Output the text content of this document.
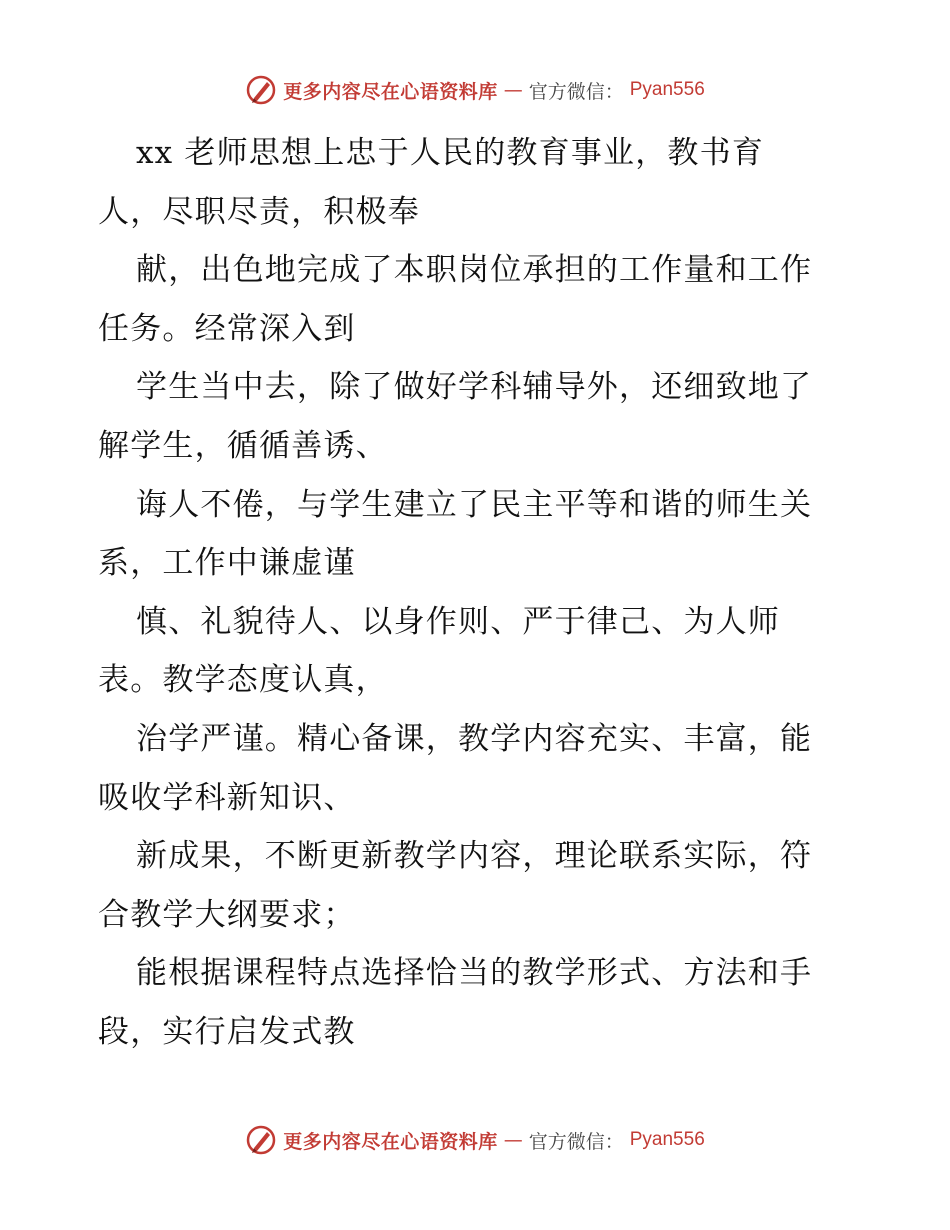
更多内容尽在心语资料库 — 官方微信： Pyan556
xx 老师思想上忠于人民的教育事业，教书育
人，尽职尽责，积极奉
献，出色地完成了本职岗位承担的工作量和工作
任务。经常深入到
学生当中去，除了做好学科辅导外，还细致地了
解学生，循循善诱、
诲人不倦，与学生建立了民主平等和谐的师生关
系，工作中谦虚谨
慎、礼貌待人、以身作则、严于律己、为人师
表。教学态度认真，
治学严谨。精心备课，教学内容充实、丰富，能
吸收学科新知识、
新成果，不断更新教学内容，理论联系实际，符
合教学大纲要求；
能根据课程特点选择恰当的教学形式、方法和手
段，实行启发式教
更多内容尽在心语资料库 — 官方微信： Pyan556
